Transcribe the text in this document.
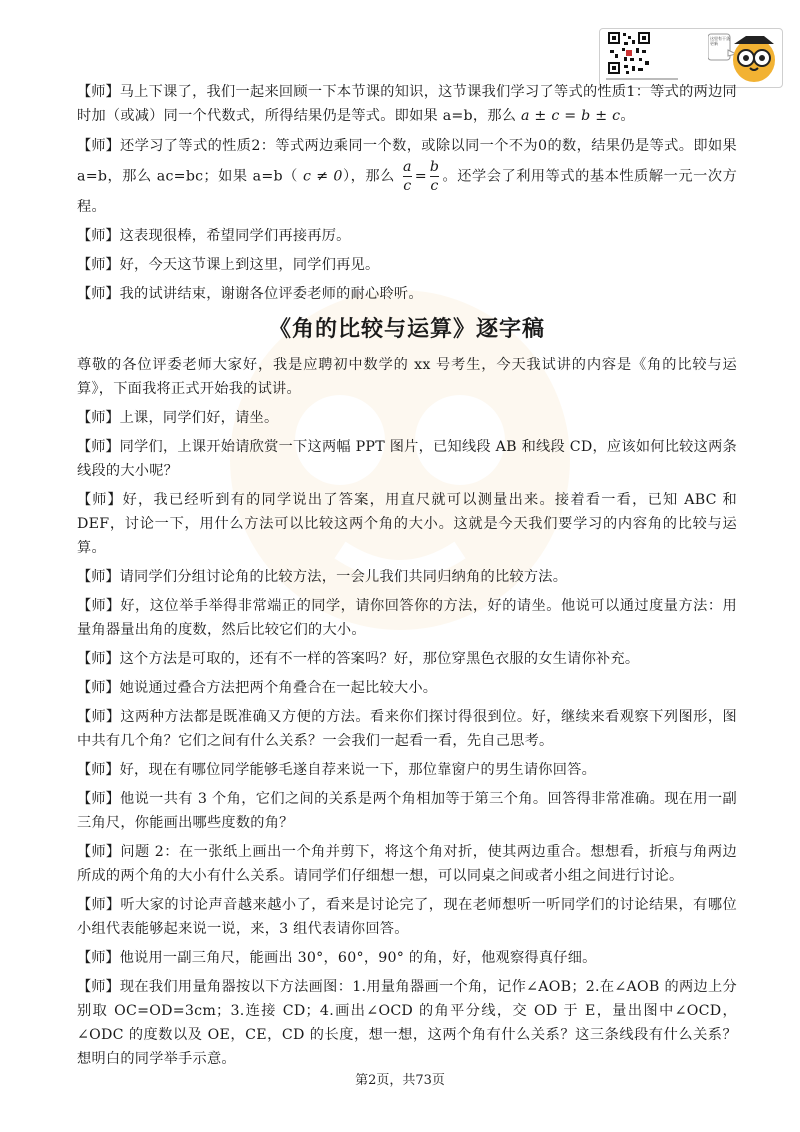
这里有干货更新

【师】马上下课了，我们一起来回顾一下本节课的知识，这节课我们学习了等式的性质1：等式的两边同时加（或减）同一个代数式，所得结果仍是等式。即如果 a=b，那么 a ± c = b ± c。

【师】还学习了等式的性质2：等式两边乘同一个数，或除以同一个不为0的数，结果仍是等式。即如果a=b，那么 ac=bc；如果 a=b（ c ≠ 0），那么 $\frac{a}{c} = \frac{b}{c}$ 。还学会了利用等式的基本性质解一元一次方程。

【师】这表现很棒，希望同学们再接再厉。

【师】好，今天这节课上到这里，同学们再见。

【师】我的试讲结束，谢谢各位评委老师的耐心聆听。

《角的比较与运算》逐字稿

尊敬的各位评委老师大家好，我是应聘初中数学的 xx 号考生，今天我试讲的内容是《角的比较与运算》，下面我将正式开始我的试讲。

【师】上课，同学们好，请坐。

【师】同学们，上课开始请欣赏一下这两幅 PPT 图片，已知线段 AB 和线段 CD，应该如何比较这两条线段的大小呢？

【师】好，我已经听到有的同学说出了答案，用直尺就可以测量出来。接着看一看，已知 ABC 和 DEF，讨论一下，用什么方法可以比较这两个角的大小。这就是今天我们要学习的内容角的比较与运算。

【师】请同学们分组讨论角的比较方法，一会儿我们共同归纳角的比较方法。

【师】好，这位举手举得非常端正的同学，请你回答你的方法，好的请坐。他说可以通过度量方法：用量角器量出角的度数，然后比较它们的大小。

【师】这个方法是可取的，还有不一样的答案吗？好，那位穿黑色衣服的女生请你补充。

【师】她说通过叠合方法把两个角叠合在一起比较大小。

【师】这两种方法都是既准确又方便的方法。看来你们探讨得很到位。好，继续来看观察下列图形，图中共有几个角？它们之间有什么关系？一会我们一起看一看，先自己思考。

【师】好，现在有哪位同学能够毛遂自荐来说一下，那位靠窗户的男生请你回答。

【师】他说一共有 3 个角，它们之间的关系是两个角相加等于第三个角。回答得非常准确。现在用一副三角尺，你能画出哪些度数的角？

【师】问题 2：在一张纸上画出一个角并剪下，将这个角对折，使其两边重合。想想看，折痕与角两边所成的两个角的大小有什么关系。请同学们仔细想一想，可以同桌之间或者小组之间进行讨论。

【师】听大家的讨论声音越来越小了，看来是讨论完了，现在老师想听一听同学们的讨论结果，有哪位小组代表能够起来说一说，来，3 组代表请你回答。

【师】他说用一副三角尺，能画出 30°，60°，90° 的角，好，他观察得真仔细。

【师】现在我们用量角器按以下方法画图：1.用量角器画一个角，记作∠AOB；2.在∠AOB 的两边上分别取 OC=OD=3cm；3.连接 CD；4.画出∠OCD 的角平分线，交 OD 于 E，量出图中∠OCD，∠ODC 的度数以及 OE，CE，CD 的长度，想一想，这两个角有什么关系？这三条线段有什么关系？想明白的同学举手示意。

第2页，共73页
